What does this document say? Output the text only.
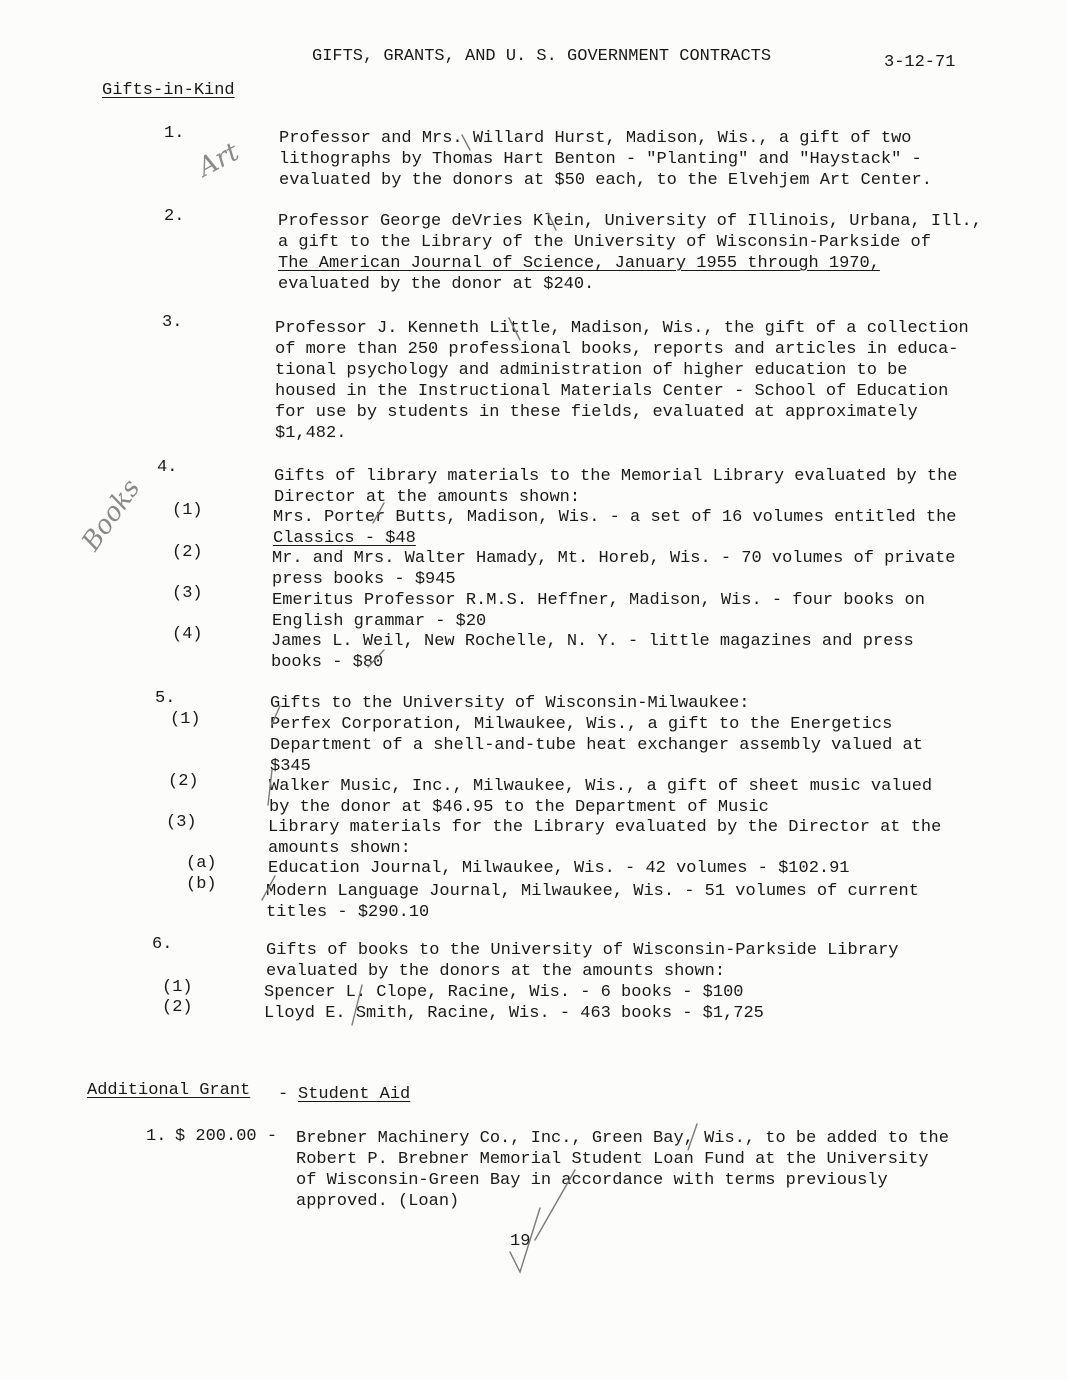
GIFTS, GRANTS, AND U. S. GOVERNMENT CONTRACTS	3-12-71
Gifts-in-Kind
1.	Professor and Mrs. Willard Hurst, Madison, Wis., a gift of two
lithographs by Thomas Hart Benton - "Planting" and "Haystack" -
evaluated by the donors at $50 each, to the Elvehjem Art Center.
2.	Professor George deVries Klein, University of Illinois, Urbana, Ill.,
a gift to the Library of the University of Wisconsin-Parkside of
The American Journal of Science, January 1955 through 1970,
evaluated by the donor at $240.
3.	Professor J. Kenneth Little, Madison, Wis., the gift of a collection
of more than 250 professional books, reports and articles in educa-
tional psychology and administration of higher education to be
housed in the Instructional Materials Center - School of Education
for use by students in these fields, evaluated at approximately
$1,482.
4.	Gifts of library materials to the Memorial Library evaluated by the
Director at the amounts shown:
(1)	Mrs. Porter Butts, Madison, Wis. - a set of 16 volumes entitled the
Classics - $48
(2)	Mr. and Mrs. Walter Hamady, Mt. Horeb, Wis. - 70 volumes of private
press books - $945
(3)	Emeritus Professor R.M.S. Heffner, Madison, Wis. - four books on
English grammar - $20
(4)	James L. Weil, New Rochelle, N. Y. - little magazines and press
books - $80
5.	Gifts to the University of Wisconsin-Milwaukee:
(1)	Perfex Corporation, Milwaukee, Wis., a gift to the Energetics
Department of a shell-and-tube heat exchanger assembly valued at
$345
(2)	Walker Music, Inc., Milwaukee, Wis., a gift of sheet music valued
by the donor at $46.95 to the Department of Music
(3)	Library materials for the Library evaluated by the Director at the
amounts shown:
(a)	Education Journal, Milwaukee, Wis. - 42 volumes - $102.91
(b)	Modern Language Journal, Milwaukee, Wis. - 51 volumes of current
titles - $290.10
6.	Gifts of books to the University of Wisconsin-Parkside Library
evaluated by the donors at the amounts shown:
(1)	Spencer L. Clope, Racine, Wis. - 6 books - $100
(2)	Lloyd E. Smith, Racine, Wis. - 463 books - $1,725
Additional Grant - Student Aid
1. $ 200.00 - Brebner Machinery Co., Inc., Green Bay, Wis., to be added to the
Robert P. Brebner Memorial Student Loan Fund at the University
of Wisconsin-Green Bay in accordance with terms previously
approved. (Loan)
19
Art
Books
